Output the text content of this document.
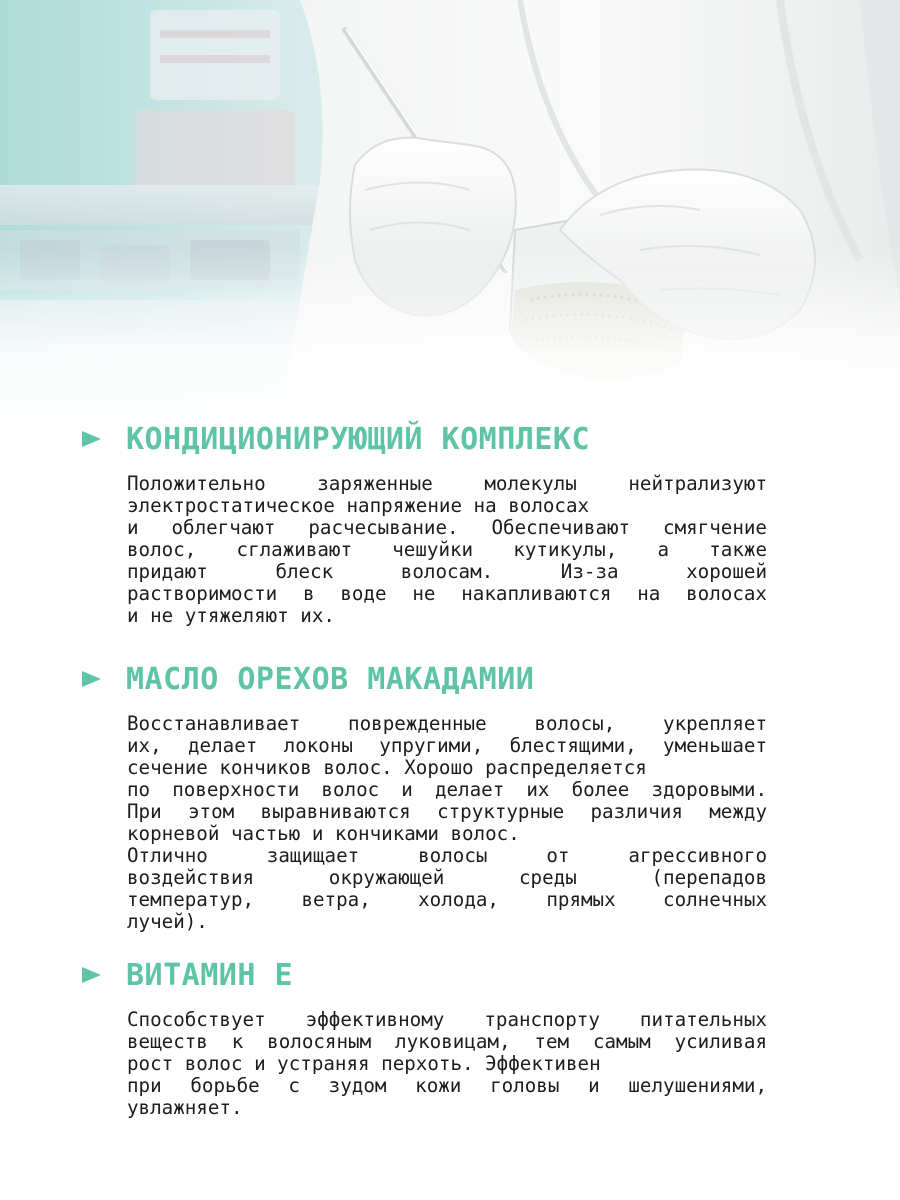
КОНДИЦИОНИРУЮЩИЙ КОМПЛЕКС
Положительно заряженные молекулы нейтрализуют
электростатическое напряжение на волосах
и облегчают расчесывание. Обеспечивают смягчение
волос, сглаживают чешуйки кутикулы, а также
придают блеск волосам. Из-за хорошей
растворимости в воде не накапливаются на волосах
и не утяжеляют их.
МАСЛО ОРЕХОВ МАКАДАМИИ
Восстанавливает поврежденные волосы, укрепляет
их, делает локоны упругими, блестящими, уменьшает
сечение кончиков волос. Хорошо распределяется
по поверхности волос и делает их более здоровыми.
При этом выравниваются структурные различия между
корневой частью и кончиками волос.
Отлично защищает волосы от агрессивного
воздействия окружающей среды (перепадов
температур, ветра, холода, прямых солнечных
лучей).
ВИТАМИН Е
Способствует эффективному транспорту питательных
веществ к волосяным луковицам, тем самым усиливая
рост волос и устраняя перхоть. Эффективен
при борьбе с зудом кожи головы и шелушениями,
увлажняет.
